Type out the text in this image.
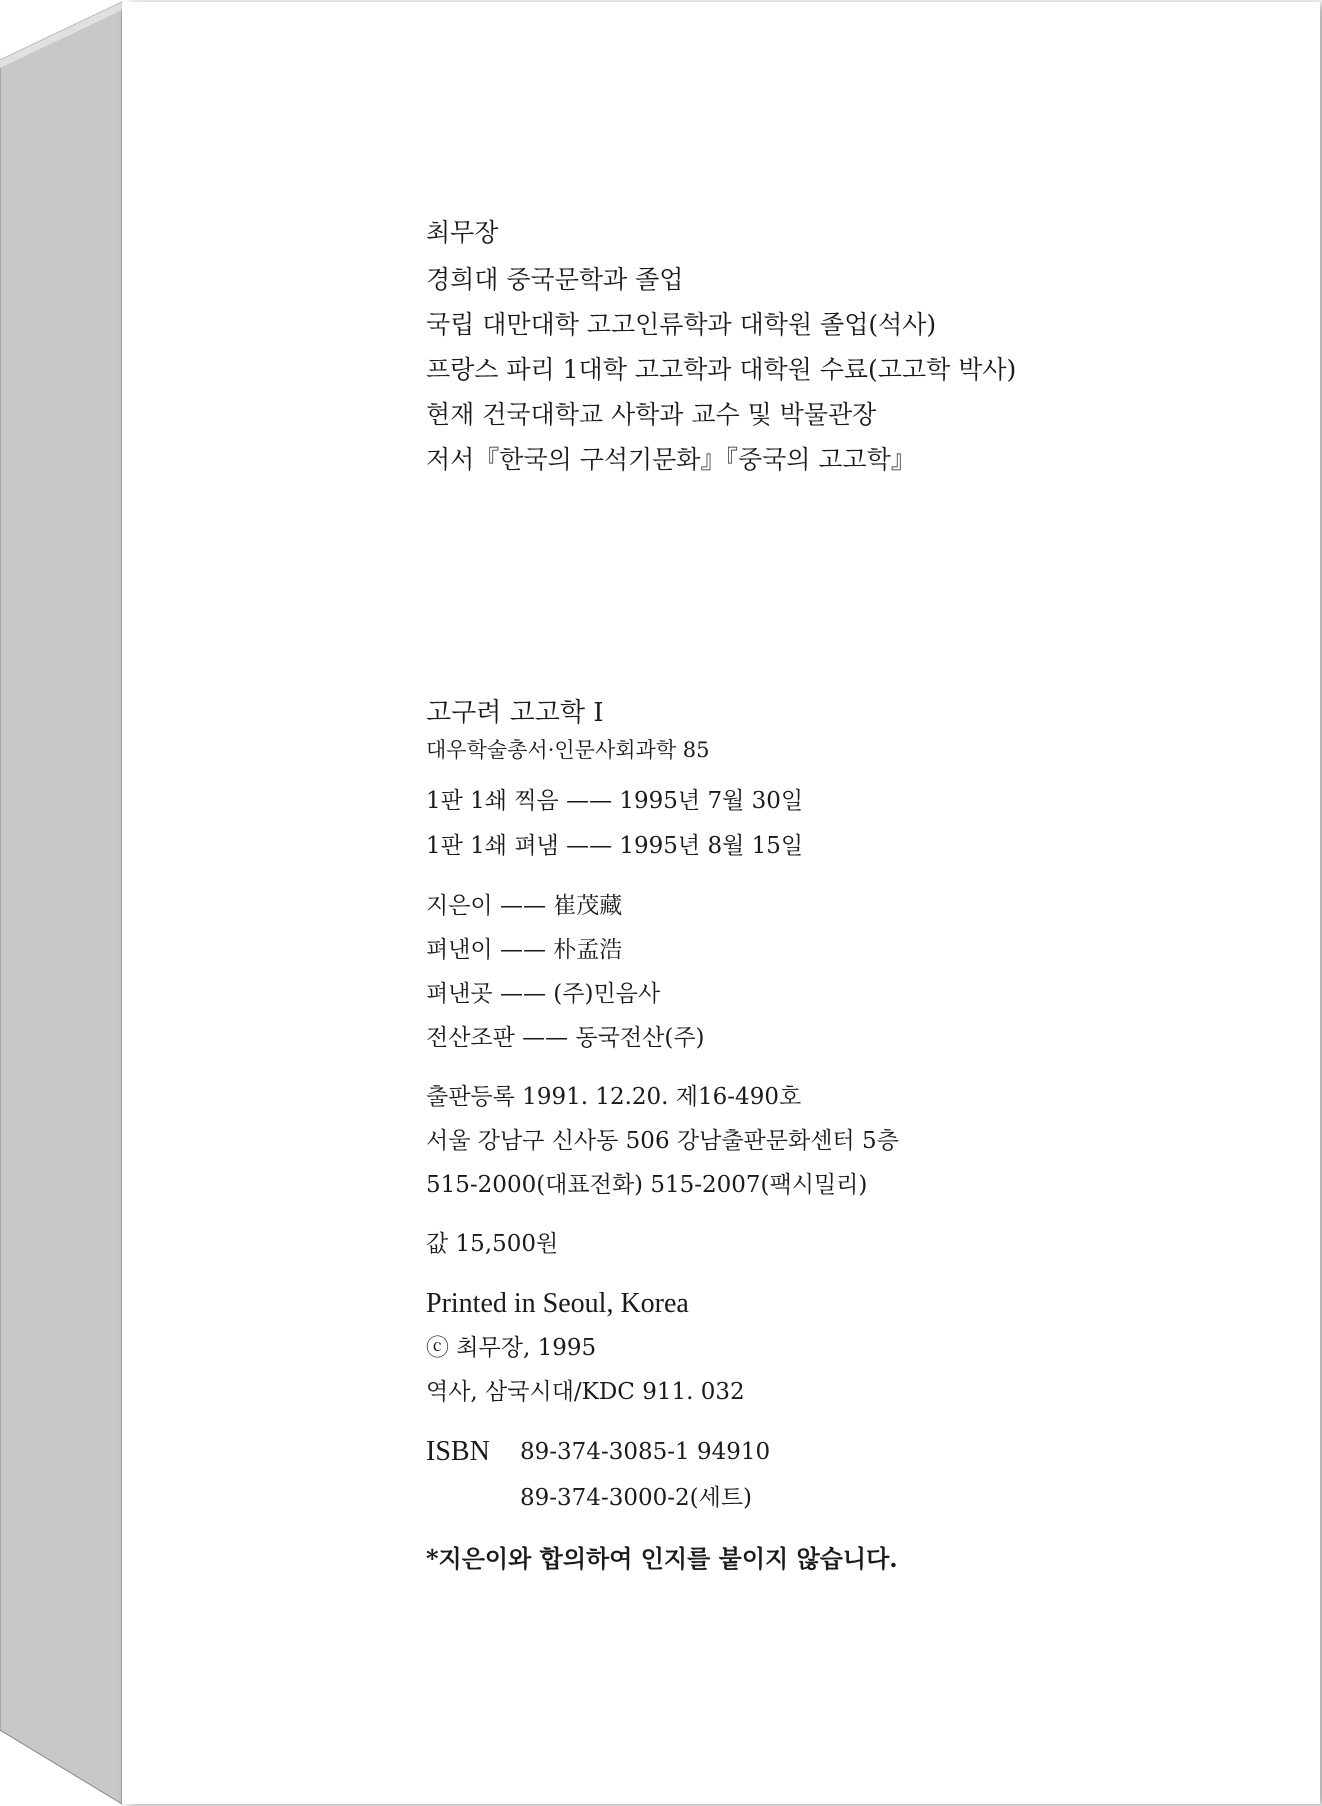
최무장
경희대 중국문학과 졸업
국립 대만대학 고고인류학과 대학원 졸업(석사)
프랑스 파리 1대학 고고학과 대학원 수료(고고학 박사)
현재 건국대학교 사학과 교수 및 박물관장
저서『한국의 구석기문화』『중국의 고고학』
고구려 고고학 Ⅰ
대우학술총서·인문사회과학 85
1판 1쇄 찍음 —— 1995년 7월 30일
1판 1쇄 펴냄 —— 1995년 8월 15일
지은이 —— 崔茂藏
펴낸이 —— 朴孟浩
펴낸곳 —— (주)민음사
전산조판 —— 동국전산(주)
출판등록 1991. 12.20. 제16-490호
서울 강남구 신사동 506 강남출판문화센터 5층
515-2000(대표전화) 515-2007(팩시밀리)
값 15,500원
Printed in Seoul, Korea
ⓒ 최무장, 1995
역사, 삼국시대/KDC 911. 032
ISBN	89-374-3085-1 94910
89-374-3000-2(세트)
*지은이와 합의하여 인지를 붙이지 않습니다.
